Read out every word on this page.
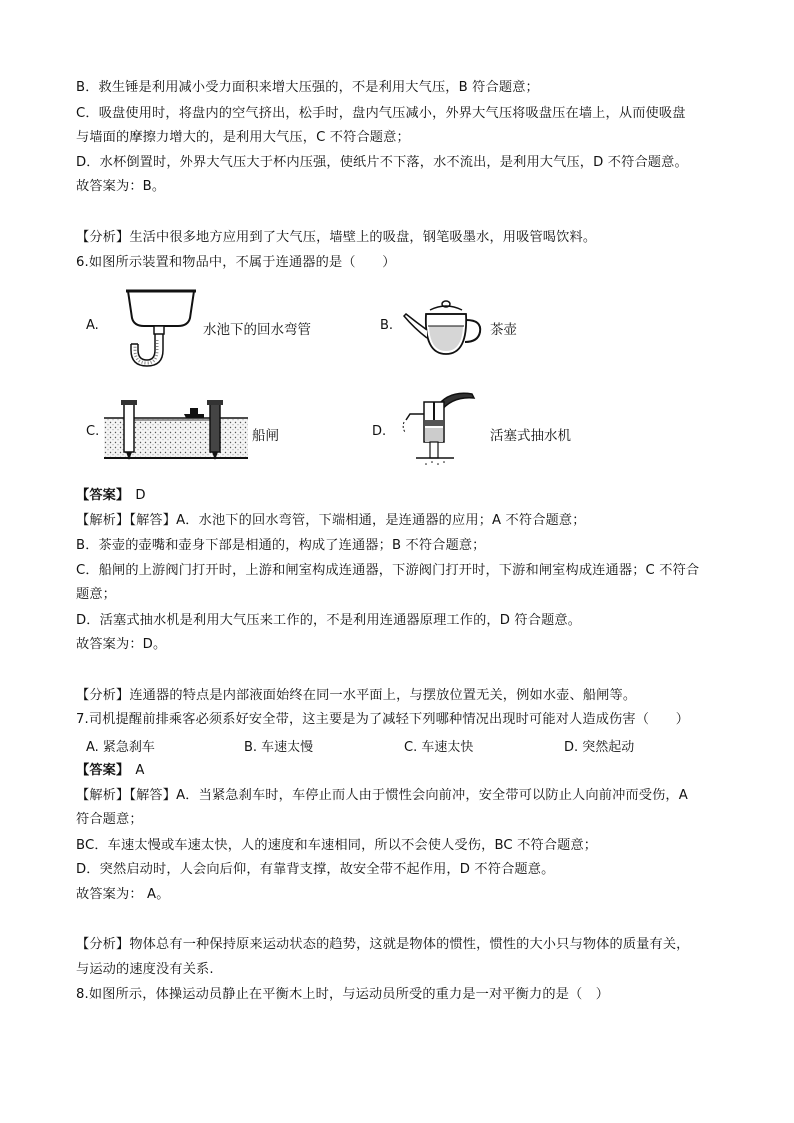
B．救生锤是利用减小受力面积来增大压强的，不是利用大气压，B 符合题意；
C．吸盘使用时，将盘内的空气挤出，松手时，盘内气压减小，外界大气压将吸盘压在墙上，从而使吸盘
与墙面的摩擦力增大的，是利用大气压，C 不符合题意；
D．水杯倒置时，外界大气压大于杯内压强，使纸片不下落，水不流出，是利用大气压，D 不符合题意。
故答案为：B。
【分析】生活中很多地方应用到了大气压，墙壁上的吸盘，钢笔吸墨水，用吸管喝饮料。
6.如图所示装置和物品中，不属于连通器的是（　　）
A.	水池下的回水弯管	B.	茶壶
C.	船闸	D.	活塞式抽水机
【答案】 D
【解析】【解答】A．水池下的回水弯管，下端相通，是连通器的应用；A 不符合题意；
B．茶壶的壶嘴和壶身下部是相通的，构成了连通器；B 不符合题意；
C．船闸的上游阀门打开时，上游和闸室构成连通器，下游阀门打开时，下游和闸室构成连通器；C 不符合
题意；
D．活塞式抽水机是利用大气压来工作的，不是利用连通器原理工作的，D 符合题意。
故答案为：D。
【分析】连通器的特点是内部液面始终在同一水平面上，与摆放位置无关，例如水壶、船闸等。
7.司机提醒前排乘客必须系好安全带，这主要是为了减轻下列哪种情况出现时可能对人造成伤害（　　）
A. 紧急刹车	B. 车速太慢	C. 车速太快	D. 突然起动
【答案】 A
【解析】【解答】A．当紧急刹车时，车停止而人由于惯性会向前冲，安全带可以防止人向前冲而受伤，A
符合题意；
BC．车速太慢或车速太快，人的速度和车速相同，所以不会使人受伤，BC 不符合题意；
D．突然启动时，人会向后仰，有靠背支撑，故安全带不起作用，D 不符合题意。
故答案为： A。
【分析】物体总有一种保持原来运动状态的趋势，这就是物体的惯性，惯性的大小只与物体的质量有关，
与运动的速度没有关系.
8.如图所示，体操运动员静止在平衡木上时，与运动员所受的重力是一对平衡力的是（　）
